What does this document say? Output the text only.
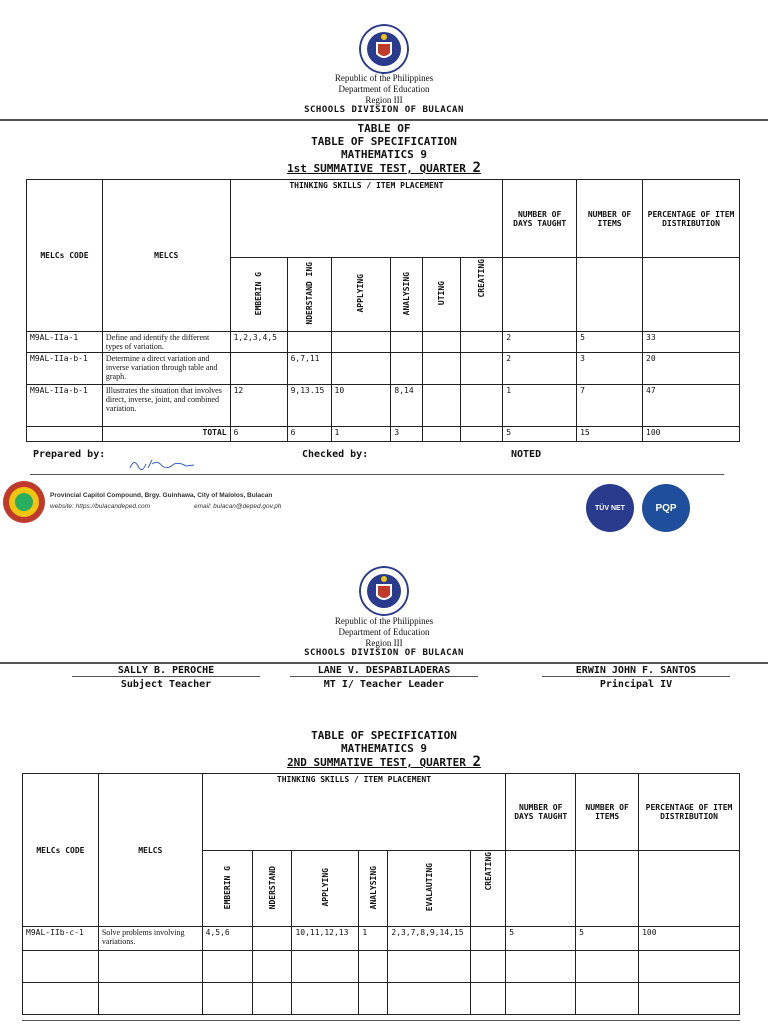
Republic of the Philippines
Department of Education
Region III
SCHOOLS DIVISION OF BULACAN
TABLE OF
TABLE OF SPECIFICATION
MATHEMATICS 9
1st SUMMATIVE TEST, QUARTER 2
MELCs CODE	MELCS	THINKING SKILLS / ITEM PLACEMENT						NUMBER OF DAYS TAUGHT	NUMBER OF ITEMS	PERCENTAGE OF ITEM DISTRIBUTION
		EMBERIN G	NDERSTAND ING	APPLYING	ANALYSING	UTING	CREATING			
M9AL-IIa-1	Define and identify the different types of variation.	1,2,3,4,5						2	5	33
M9AL-IIa-b-1	Determine a direct variation and inverse variation through table and graph.		6,7,11					2	3	20
M9AL-IIa-b-1	Illustrates the situation that involves direct, inverse, joint, and combined variation.	12	9,13.15	10	8,14			1	7	47
	TOTAL	6	6	1	3			5	15	100
Prepared by:	Checked by:	NOTED
Provincial Capitol Compound, Brgy. Guinhawa, City of Malolos, Bulacan
website: https://bulacandeped.com	email: bulacan@deped.gov.ph	TÜV NET	PQP
Republic of the Philippines
Department of Education
Region III
SCHOOLS DIVISION OF BULACAN
SALLY B. PEROCHE
Subject Teacher
LANE V. DESPABILADERAS
MT I/ Teacher Leader
ERWIN JOHN F. SANTOS
Principal IV
TABLE OF SPECIFICATION
MATHEMATICS 9
2ND SUMMATIVE TEST, QUARTER 2
MELCs CODE	MELCS	THINKING SKILLS / ITEM PLACEMENT						NUMBER OF DAYS TAUGHT	NUMBER OF ITEMS	PERCENTAGE OF ITEM DISTRIBUTION
		EMBERIN G	NDERSTAND	APPLYING	ANALYSING	EVALAUTING	CREATING			
M9AL-IIb-c-1	Solve problems involving variations.	4,5,6		10,11,12,13	1	2,3,7,8,9,14,15		5	5	100
